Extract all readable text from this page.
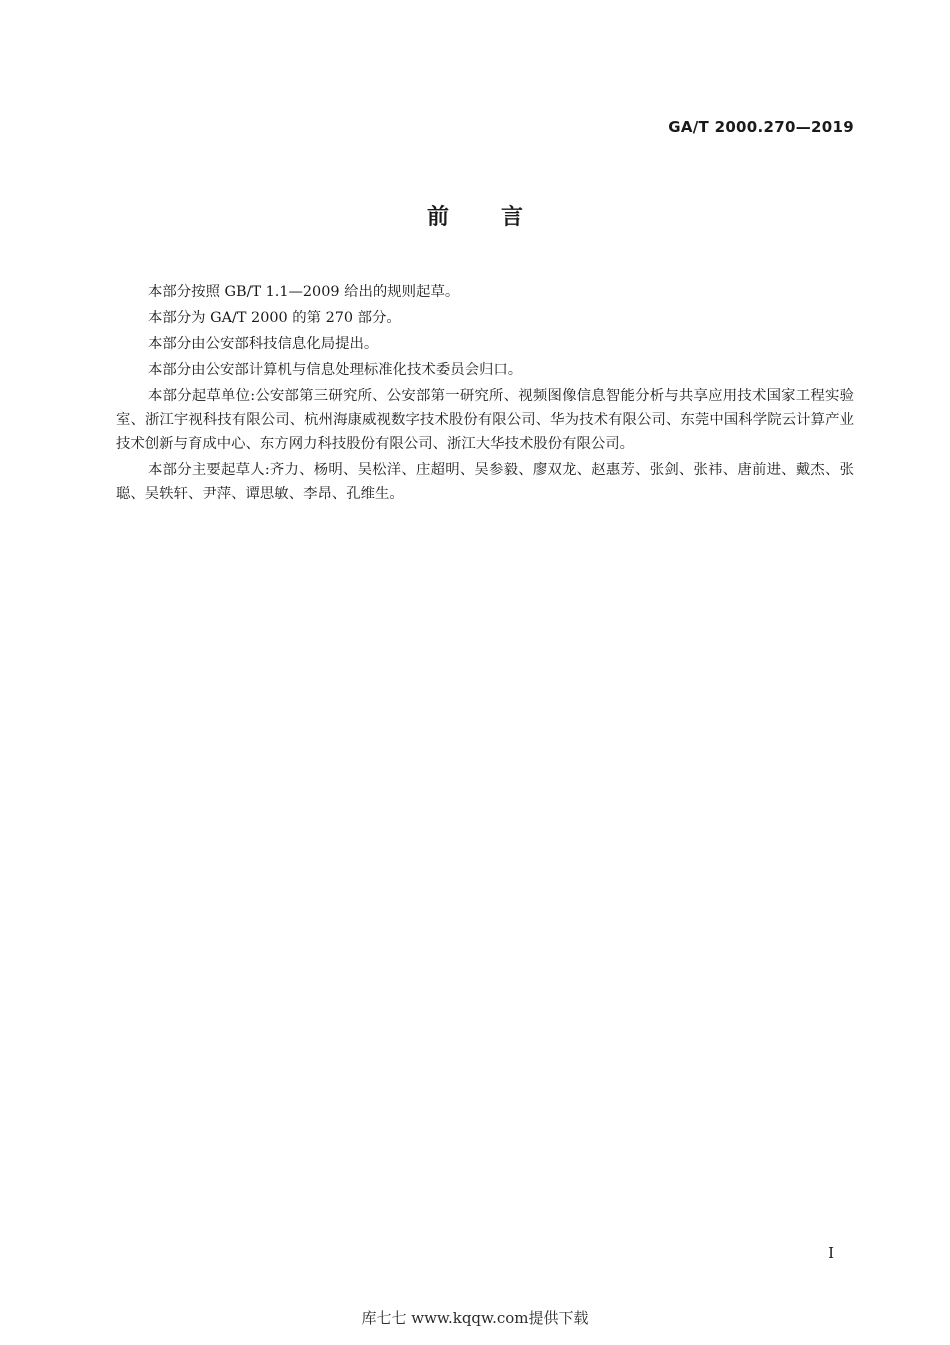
GA/T 2000.270—2019
前言

本部分按照 GB/T 1.1—2009 给出的规则起草。

本部分为 GA/T 2000 的第 270 部分。

本部分由公安部科技信息化局提出。

本部分由公安部计算机与信息处理标准化技术委员会归口。

本部分起草单位:公安部第三研究所、公安部第一研究所、视频图像信息智能分析与共享应用技术国家工程实验室、浙江宇视科技有限公司、杭州海康威视数字技术股份有限公司、华为技术有限公司、东莞中国科学院云计算产业技术创新与育成中心、东方网力科技股份有限公司、浙江大华技术股份有限公司。

本部分主要起草人:齐力、杨明、吴松洋、庄超明、吴参毅、廖双龙、赵惠芳、张剑、张祎、唐前进、戴杰、张聪、吴轶轩、尹萍、谭思敏、李昂、孔维生。

I
库七七 www.kqqw.com提供下载
